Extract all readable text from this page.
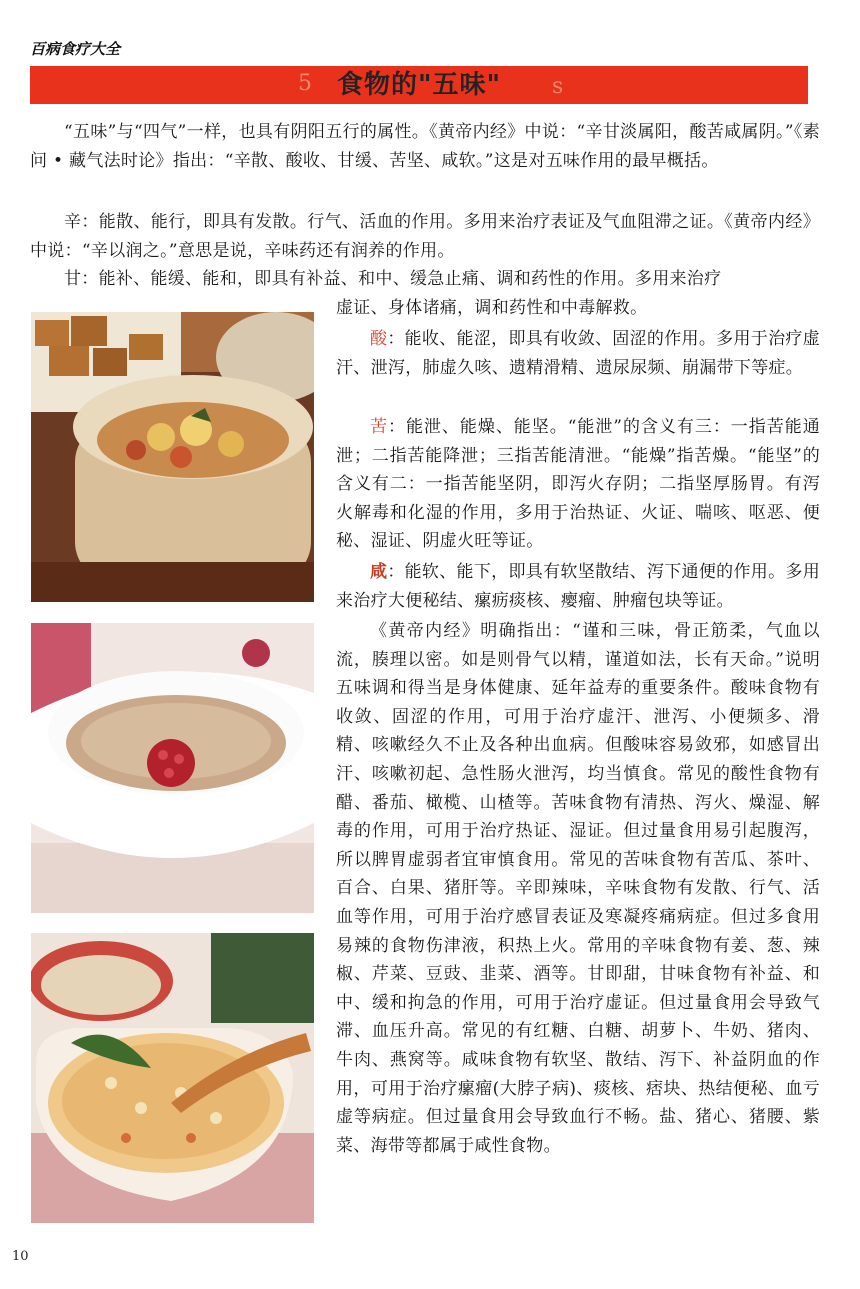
百病食疗大全
5 食物的"五味" s

“五味”与“四气”一样，也具有阴阳五行的属性。《黄帝内经》中说：“辛甘淡属阳，酸苦咸属阴。”《素问 • 藏气法时论》指出：“辛散、酸收、甘缓、苦坚、咸软。”这是对五味作用的最早概括。

辛：能散、能行，即具有发散。行气、活血的作用。多用来治疗表证及气血阻滞之证。《黄帝内经》中说：“辛以润之。”意思是说，辛味药还有润养的作用。

甘：能补、能缓、能和，即具有补益、和中、缓急止痛、调和药性的作用。多用来治疗

虚证、身体诸痛，调和药性和中毒解救。

酸：能收、能涩，即具有收敛、固涩的作用。多用于治疗虚汗、泄泻，肺虚久咳、遗精滑精、遗尿尿频、崩漏带下等症。

苦：能泄、能燥、能坚。“能泄”的含义有三：一指苦能通泄；二指苦能降泄；三指苦能清泄。“能燥”指苦燥。“能坚”的含义有二：一指苦能坚阴，即泻火存阴；二指坚厚肠胃。有泻火解毒和化湿的作用，多用于治热证、火证、喘咳、呕恶、便秘、湿证、阴虚火旺等证。

咸：能软、能下，即具有软坚散结、泻下通便的作用。多用来治疗大便秘结、瘰疬痰核、瘿瘤、肿瘤包块等证。

《黄帝内经》明确指出：“谨和三味，骨正筋柔，气血以流，腠理以密。如是则骨气以精，谨道如法，长有天命。”说明五味调和得当是身体健康、延年益寿的重要条件。酸味食物有收敛、固涩的作用，可用于治疗虚汗、泄泻、小便频多、滑精、咳嗽经久不止及各种出血病。但酸味容易敛邪，如感冒出汗、咳嗽初起、急性肠火泄泻，均当慎食。常见的酸性食物有醋、番茄、橄榄、山楂等。苦味食物有清热、泻火、燥湿、解毒的作用，可用于治疗热证、湿证。但过量食用易引起腹泻，所以脾胃虚弱者宜审慎食用。常见的苦味食物有苦瓜、茶叶、百合、白果、猪肝等。辛即辣味，辛味食物有发散、行气、活血等作用，可用于治疗感冒表证及寒凝疼痛病症。但过多食用易辣的食物伤津液，积热上火。常用的辛味食物有姜、葱、辣椒、芹菜、豆豉、韭菜、酒等。甘即甜，甘味食物有补益、和中、缓和拘急的作用，可用于治疗虚证。但过量食用会导致气滞、血压升高。常见的有红糖、白糖、胡萝卜、牛奶、猪肉、牛肉、燕窝等。咸味食物有软坚、散结、泻下、补益阴血的作用，可用于治疗瘰瘤(大脖子病)、痰核、痞块、热结便秘、血亏虚等病症。但过量食用会导致血行不畅。盐、猪心、猪腰、紫菜、海带等都属于咸性食物。

10
